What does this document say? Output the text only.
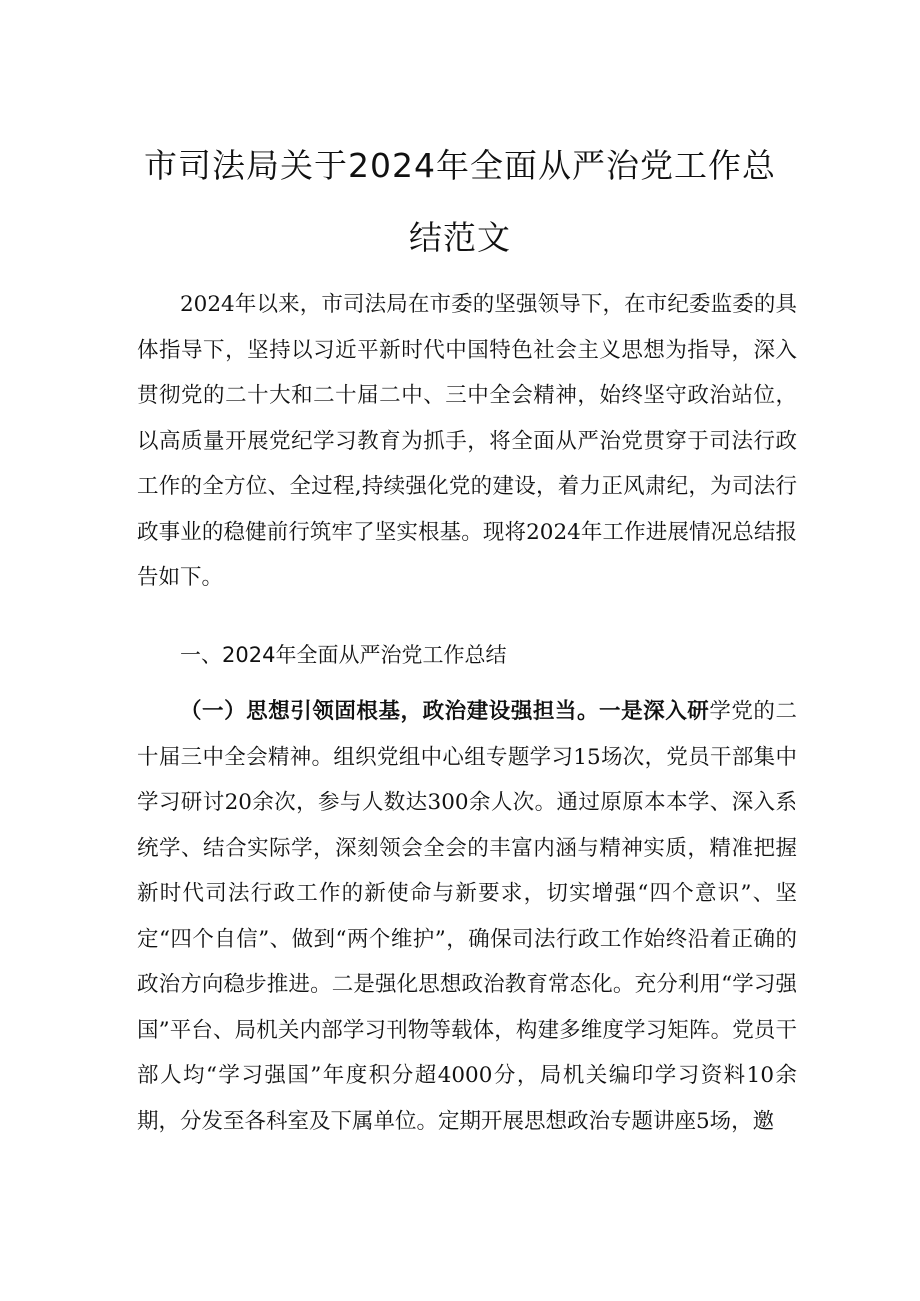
市司法局关于2024年全面从严治党工作总
结范文

2024年以来，市司法局在市委的坚强领导下，在市纪委监委的具体指导下，坚持以习近平新时代中国特色社会主义思想为指导，深入贯彻党的二十大和二十届二中、三中全会精神，始终坚守政治站位，以高质量开展党纪学习教育为抓手，将全面从严治党贯穿于司法行政工作的全方位、全过程,持续强化党的建设，着力正风肃纪，为司法行政事业的稳健前行筑牢了坚实根基。现将2024年工作进展情况总结报告如下。

一、2024年全面从严治党工作总结

（一）思想引领固根基，政治建设强担当。一是深入研学党的二十届三中全会精神。组织党组中心组专题学习15场次，党员干部集中学习研讨20余次，参与人数达300余人次。通过原原本本学、深入系统学、结合实际学，深刻领会全会的丰富内涵与精神实质，精准把握新时代司法行政工作的新使命与新要求，切实增强“四个意识”、坚定“四个自信”、做到“两个维护”，确保司法行政工作始终沿着正确的政治方向稳步推进。二是强化思想政治教育常态化。充分利用“学习强国”平台、局机关内部学习刊物等载体，构建多维度学习矩阵。党员干部人均“学习强国”年度积分超4000分，局机关编印学习资料10余期，分发至各科室及下属单位。定期开展思想政治专题讲座5场，邀
